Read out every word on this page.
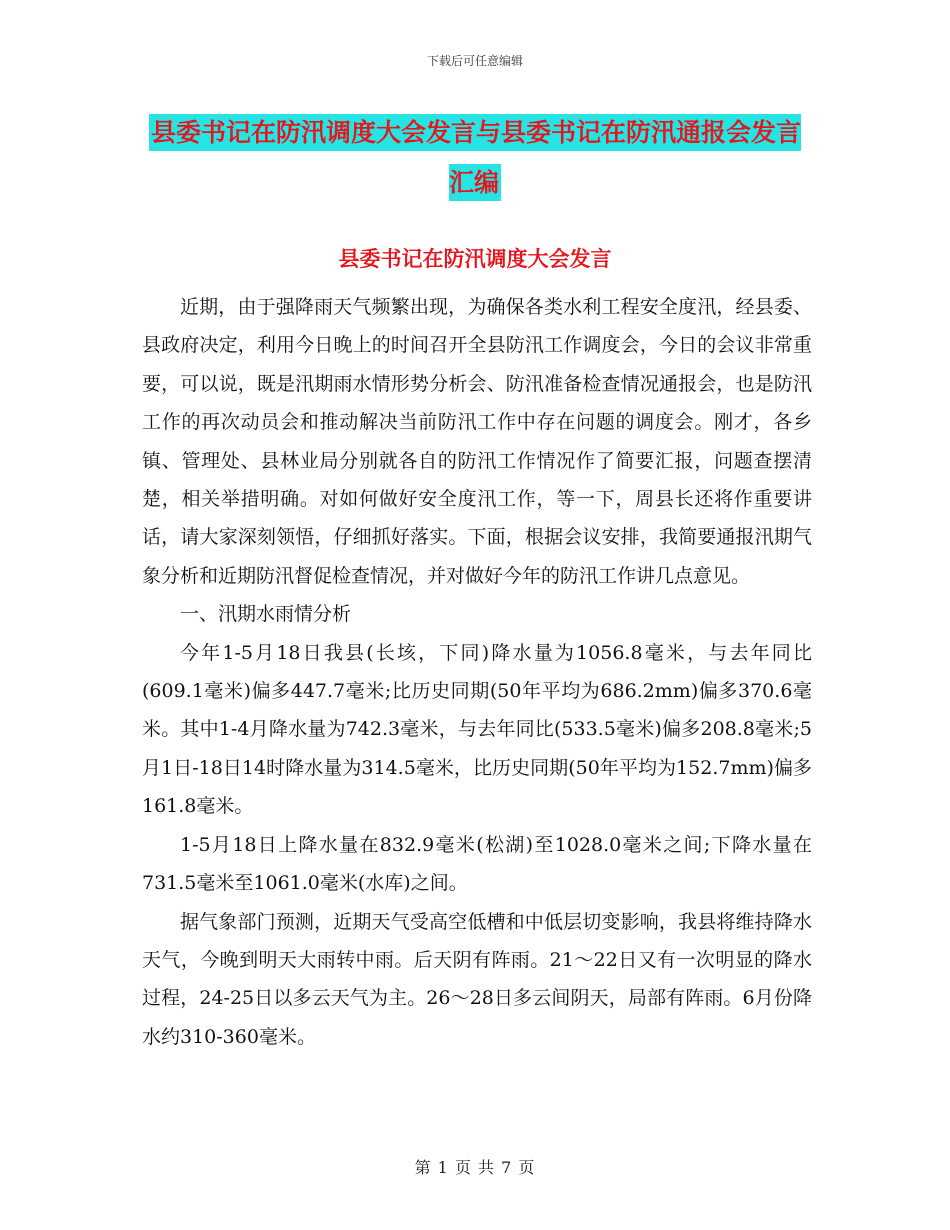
下载后可任意编辑
县委书记在防汛调度大会发言与县委书记在防汛通报会发言汇编
县委书记在防汛调度大会发言

近期，由于强降雨天气频繁出现，为确保各类水利工程安全度汛，经县委、县政府决定，利用今日晚上的时间召开全县防汛工作调度会，今日的会议非常重要，可以说，既是汛期雨水情形势分析会、防汛准备检查情况通报会，也是防汛工作的再次动员会和推动解决当前防汛工作中存在问题的调度会。刚才，各乡镇、管理处、县林业局分别就各自的防汛工作情况作了简要汇报，问题查摆清楚，相关举措明确。对如何做好安全度汛工作，等一下，周县长还将作重要讲话，请大家深刻领悟，仔细抓好落实。下面，根据会议安排，我简要通报汛期气象分析和近期防汛督促检查情况，并对做好今年的防汛工作讲几点意见。

一、汛期水雨情分析

今年1-5月18日我县(长垓，下同)降水量为1056.8毫米，与去年同比(609.1毫米)偏多447.7毫米;比历史同期(50年平均为686.2mm)偏多370.6毫米。其中1-4月降水量为742.3毫米，与去年同比(533.5毫米)偏多208.8毫米;5月1日-18日14时降水量为314.5毫米，比历史同期(50年平均为152.7mm)偏多161.8毫米。

1-5月18日上降水量在832.9毫米(松湖)至1028.0毫米之间;下降水量在731.5毫米至1061.0毫米(水库)之间。

据气象部门预测，近期天气受高空低槽和中低层切变影响，我县将维持降水天气，今晚到明天大雨转中雨。后天阴有阵雨。21～22日又有一次明显的降水过程，24-25日以多云天气为主。26～28日多云间阴天，局部有阵雨。6月份降水约310-360毫米。

第 1 页 共 7 页
